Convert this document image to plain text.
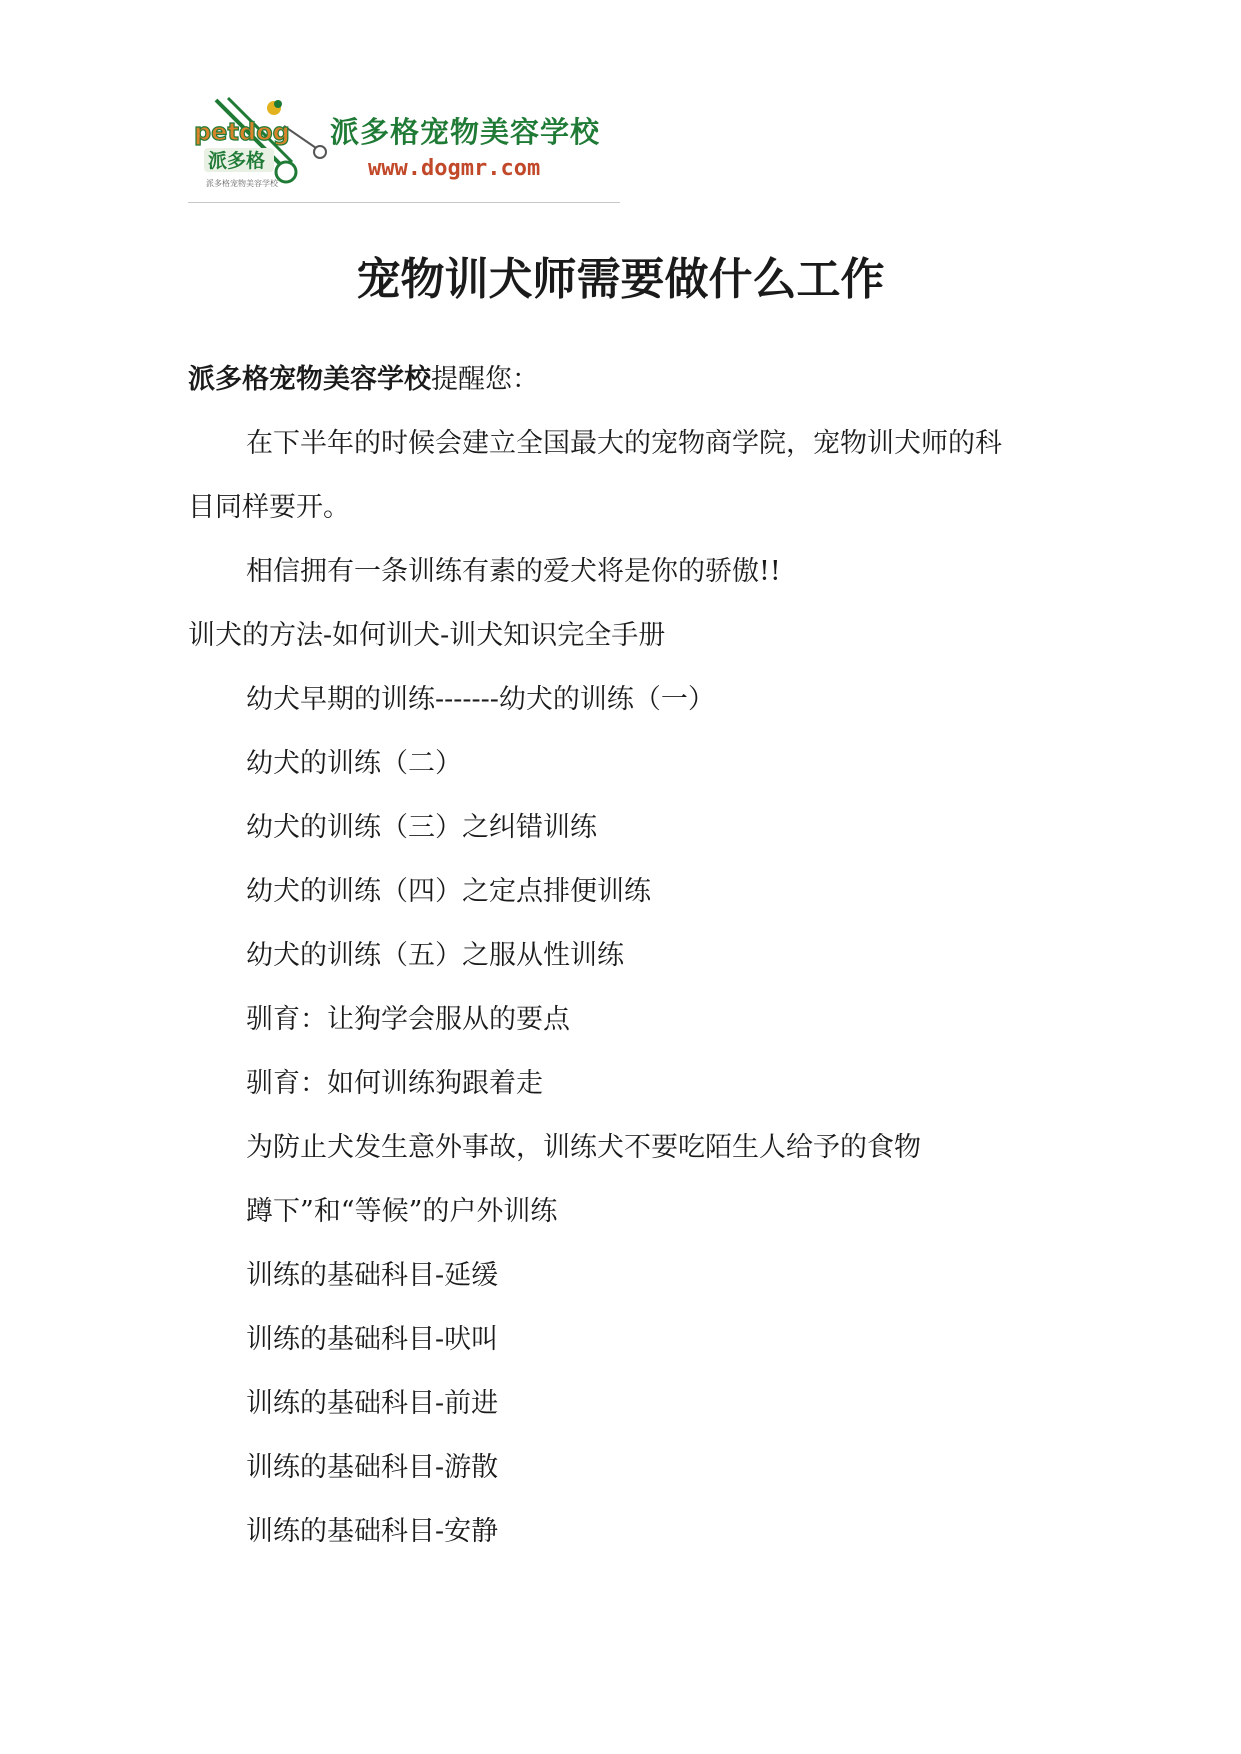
petdog
派多格
派多格宠物美容学校
派多格宠物美容学校
www.dogmr.com
宠物训犬师需要做什么工作
派多格宠物美容学校提醒您：
在下半年的时候会建立全国最大的宠物商学院，宠物训犬师的科
目同样要开。
相信拥有一条训练有素的爱犬将是你的骄傲!!
训犬的方法-如何训犬-训犬知识完全手册
幼犬早期的训练-------幼犬的训练（一）
幼犬的训练（二）
幼犬的训练（三）之纠错训练
幼犬的训练（四）之定点排便训练
幼犬的训练（五）之服从性训练
驯育：让狗学会服从的要点
驯育：如何训练狗跟着走
为防止犬发生意外事故，训练犬不要吃陌生人给予的食物
蹲下”和“等候”的户外训练
训练的基础科目-延缓
训练的基础科目-吠叫
训练的基础科目-前进
训练的基础科目-游散
训练的基础科目-安静
